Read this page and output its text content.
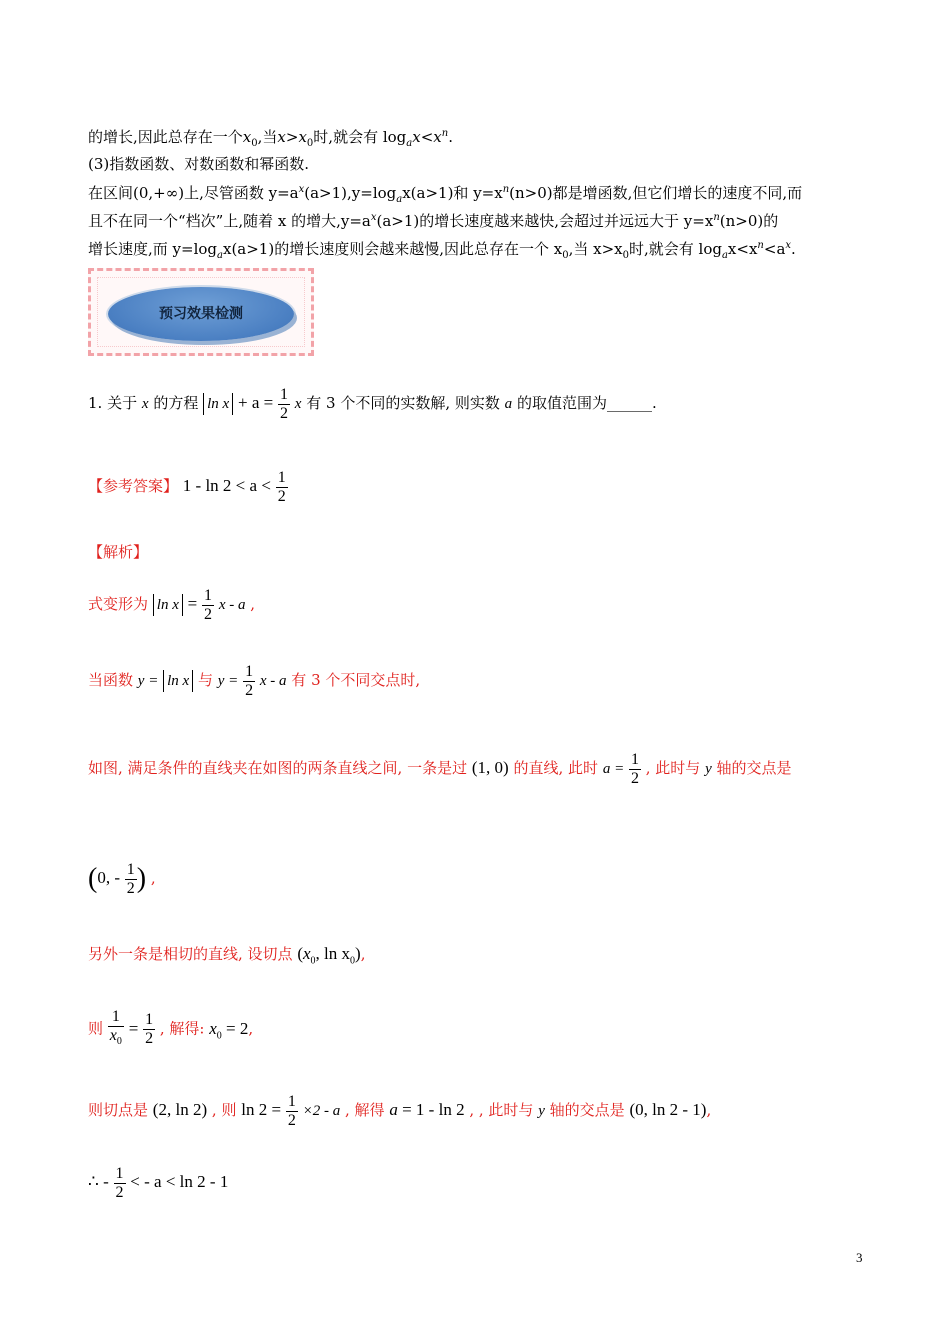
的增长,因此总存在一个$x_0$,当$x>x_0$时,就会有 $\log_ax<x^n$.
(3)指数函数、对数函数和幂函数.
在区间(0,+∞)上,尽管函数 $y=a^x(a>1),y=\log_ax(a>1)$和 $y=x^n(n>0)$都是增函数,但它们增长的速度不同,而
且不在同一个“档次”上,随着 x 的增大$,y=a^x(a>1)$的增长速度越来越快,会超过并远远大于 $y=x^n(n>0)$的
增长速度,而 $y=\log_ax(a>1)$的增长速度则会越来越慢,因此总存在一个 $x_0$,当 $x>x_0$时,就会有 $\log_ax<x^n<a^x$.
预习效果检测
1. 关于 x 的方程 $\ln x + a = \frac{1}{2}$ x 有 3 个不同的实数解, 则实数 a 的取值范围为______.
【参考答案】 $1 - \ln 2 < a < \frac{1}{2}$
【解析】
式变形为 $\ln x = \frac{1}{2}$ x - a ,
当函数 y = ln x 与 $y = \frac{1}{2}$ x - a 有 3 个不同交点时,
如图, 满足条件的直线夹在如图的两条直线之间, 一条是过 (1, 0) 的直线, 此时 $a = \frac{1}{2}$ , 此时与 y 轴的交点是
(0, - $\frac{1}{2}$ ) ,
另外一条是相切的直线, 设切点 ($x_0$, $\ln x_0$),
则 $\frac{1}{x_0} = \frac{1}{2}$ , 解得: $x_0 = 2$,
则切点是 (2, ln 2) , 则 $\ln 2 = \frac{1}{2} \times 2 - a$ , 解得 a = 1 - ln 2 , , 此时与 y 轴的交点是 (0, ln 2 - 1),
∴ - $\frac{1}{2}$ < - a < ln 2 - 1
3
